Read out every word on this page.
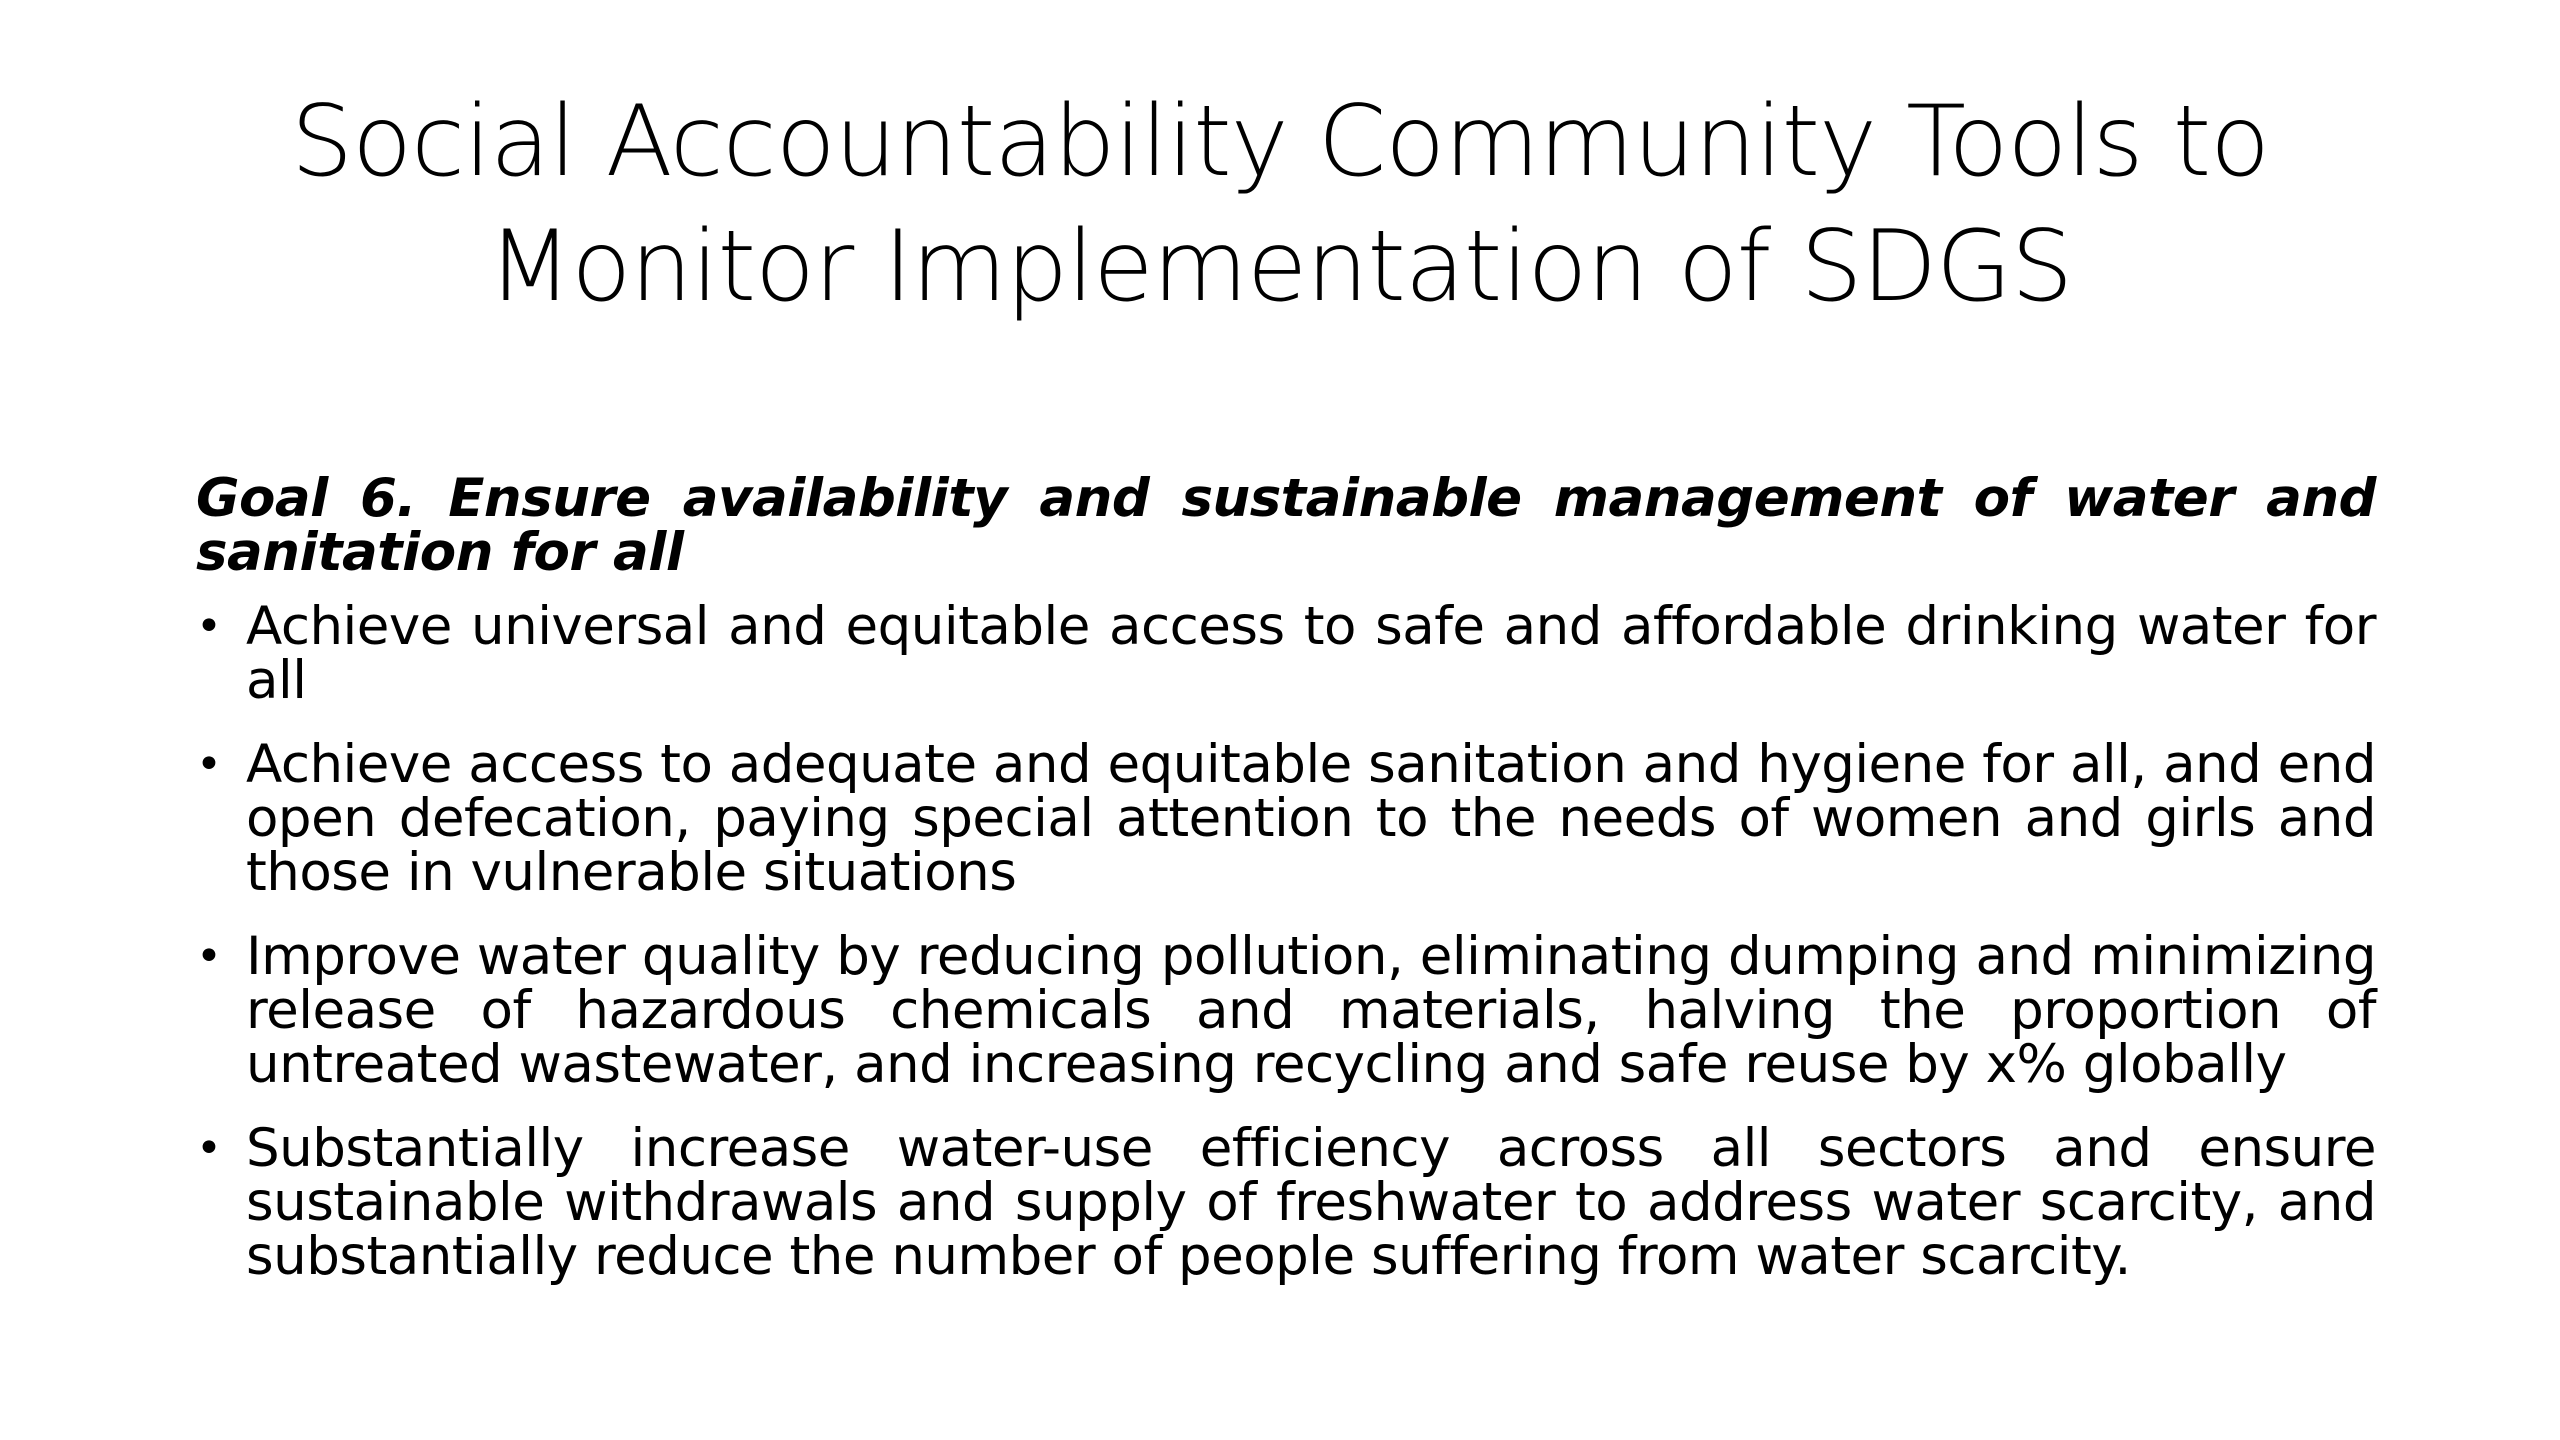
Social Accountability Community Tools to
Monitor Implementation of SDGS

Goal 6. Ensure availability and sustainable management of water and sanitation for all

• Achieve universal and equitable access to safe and affordable drinking water for all
• Achieve access to adequate and equitable sanitation and hygiene for all, and end open defecation, paying special attention to the needs of women and girls and those in vulnerable situations
• Improve water quality by reducing pollution, eliminating dumping and minimizing release of hazardous chemicals and materials, halving the proportion of untreated wastewater, and increasing recycling and safe reuse by x% globally
• Substantially increase water-use efficiency across all sectors and ensure sustainable withdrawals and supply of freshwater to address water scarcity, and substantially reduce the number of people suffering from water scarcity.
